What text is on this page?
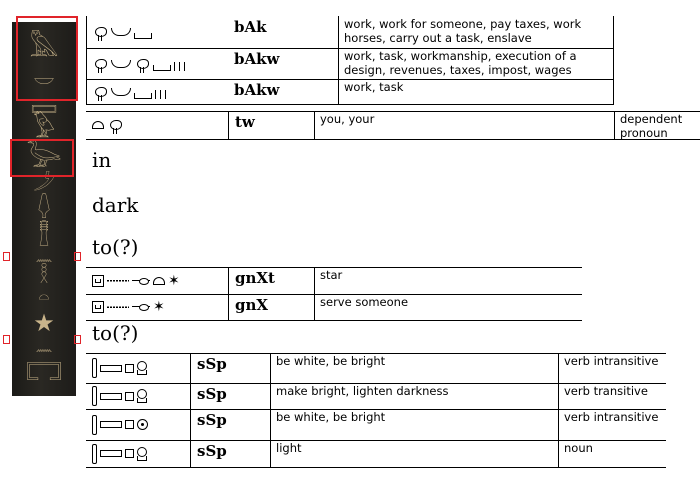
𓅓
𓎟
𓈙
𓅱
𓅬
𓌳
𓆭
𓊽
𓈖
𓎛
𓏏
★
𓈖
𓉐
bAk	work, work for someone, pay taxes, work horses, carry out a task, enslave
bAkw	work, task, workmanship, execution of a design, revenues, taxes, impost, wages
bAkw	work, task
tw	you, your	dependent pronoun
in
dark
to(?)
✶	gnXt	star
✶	gnX	serve someone
to(?)
sSp	be white, be bright	verb intransitive
sSp	make bright, lighten darkness	verb transitive
sSp	be white, be bright	verb intransitive
sSp	light	noun
